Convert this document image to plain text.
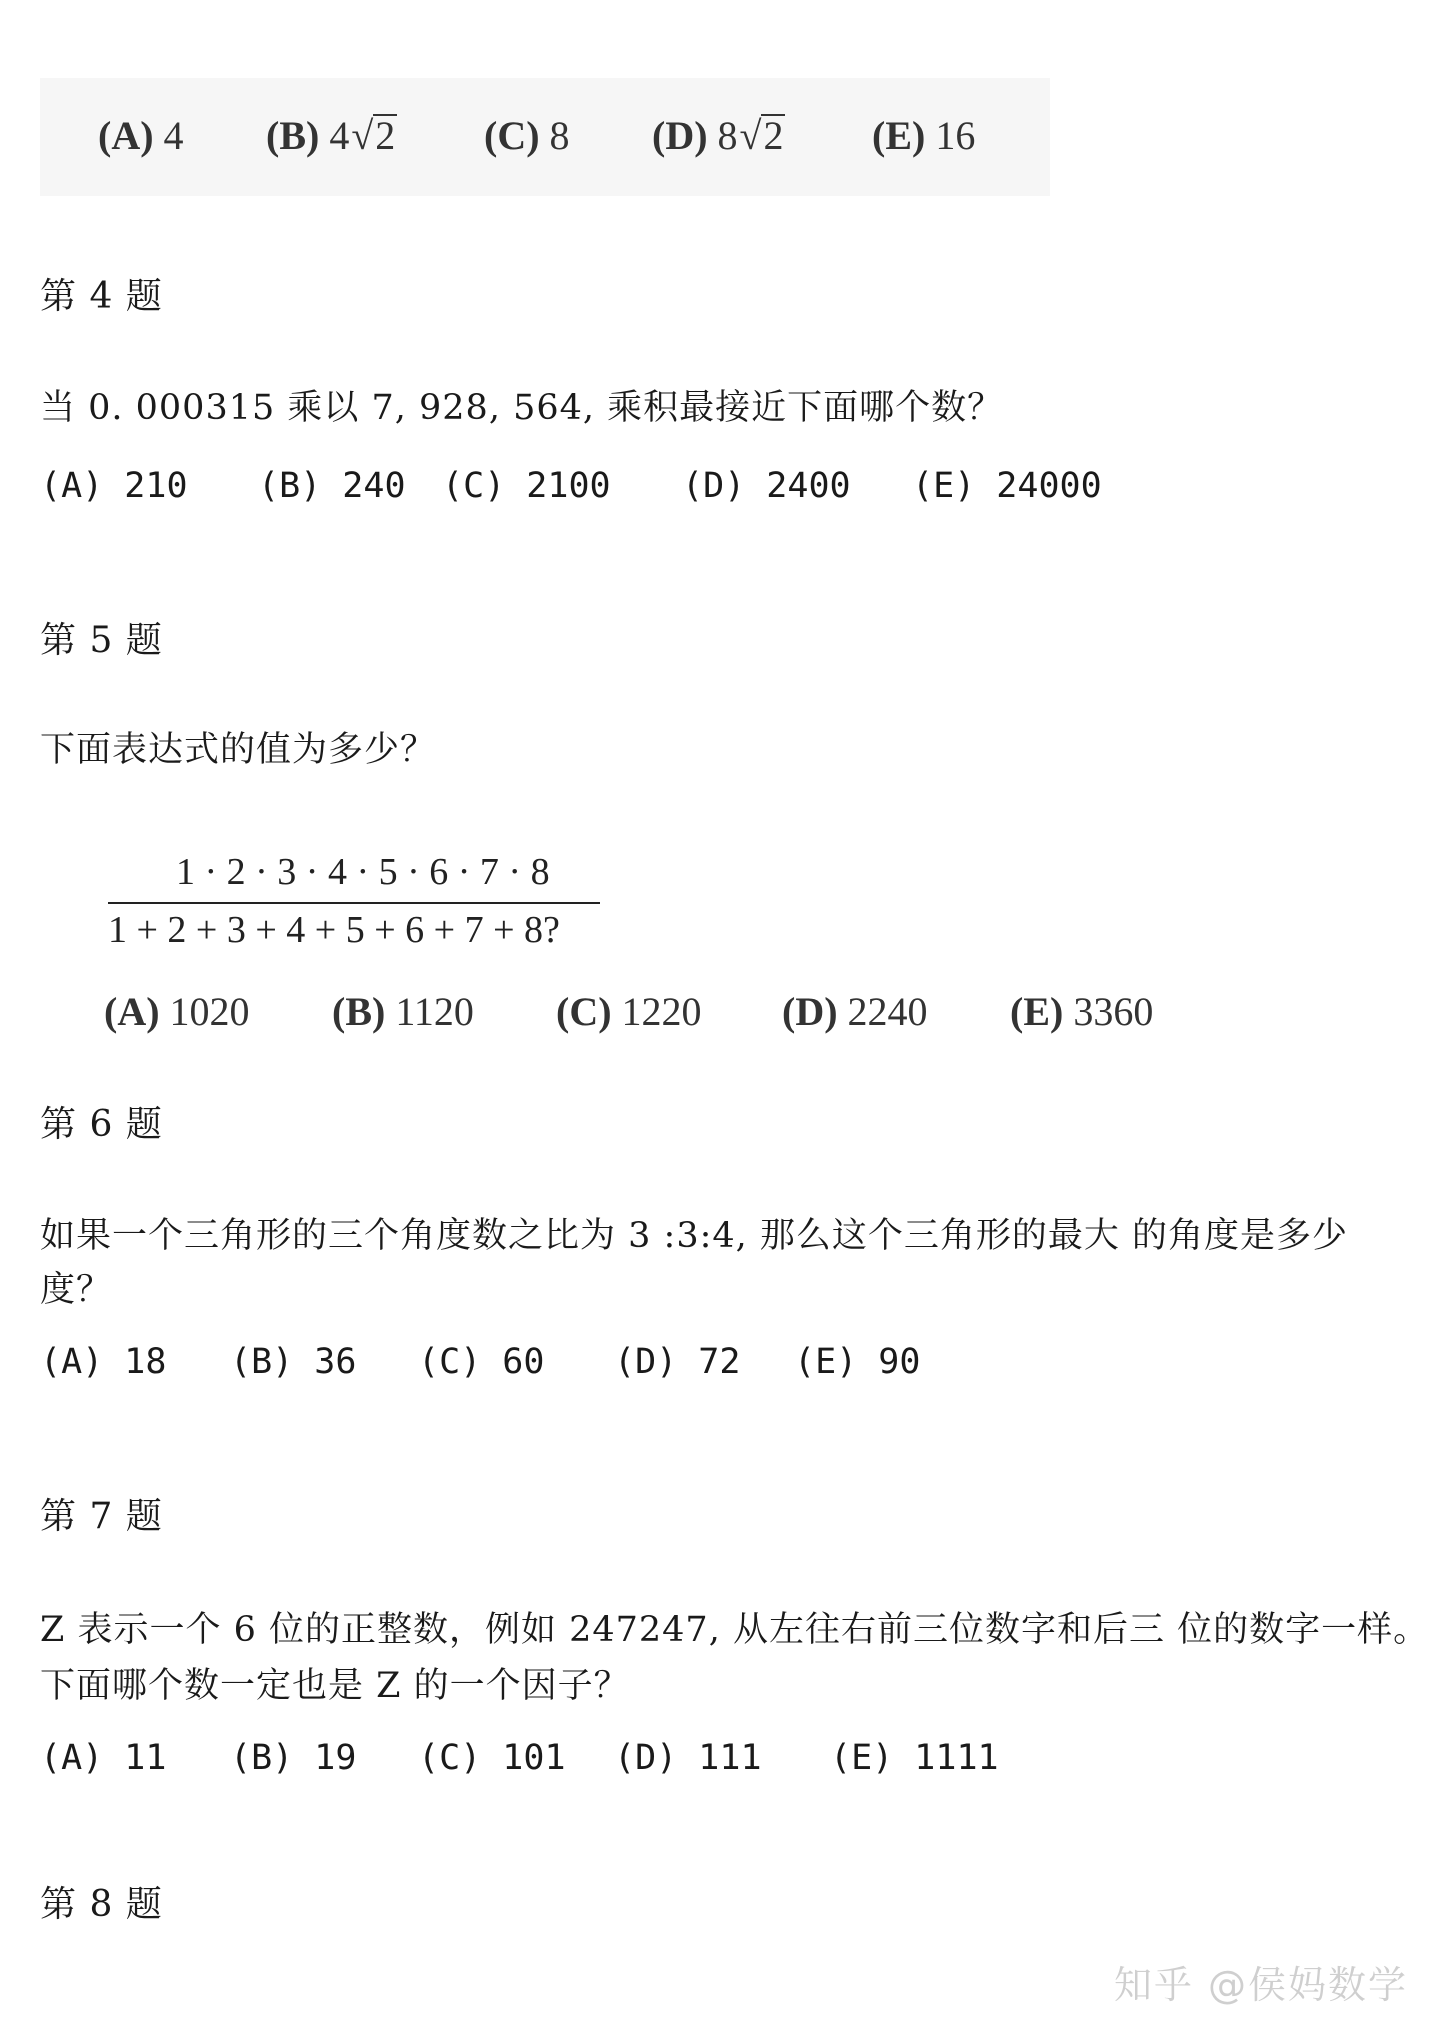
(A) 4 (B) 4√2 (C) 8 (D) 8√2 (E) 16
第 4 题
当 0. 000315 乘以 7, 928, 564, 乘积最接近下面哪个数？
(A) 210 (B) 240 (C) 2100 (D) 2400 (E) 24000
第 5 题
下面表达式的值为多少？
1 · 2 · 3 · 4 · 5 · 6 · 7 · 8
1 + 2 + 3 + 4 + 5 + 6 + 7 + 8?
(A) 1020 (B) 1120 (C) 1220 (D) 2240 (E) 3360
第 6 题
如果一个三角形的三个角度数之比为 3 :3:4, 那么这个三角形的最大 的角度是多少
度？
(A) 18 (B) 36 (C) 60 (D) 72 (E) 90
第 7 题
Z 表示一个 6 位的正整数，例如 247247, 从左往右前三位数字和后三 位的数字一样。
下面哪个数一定也是 Z 的一个因子？
(A) 11 (B) 19 (C) 101 (D) 111 (E) 1111
第 8 题
知乎 @侯妈数学
